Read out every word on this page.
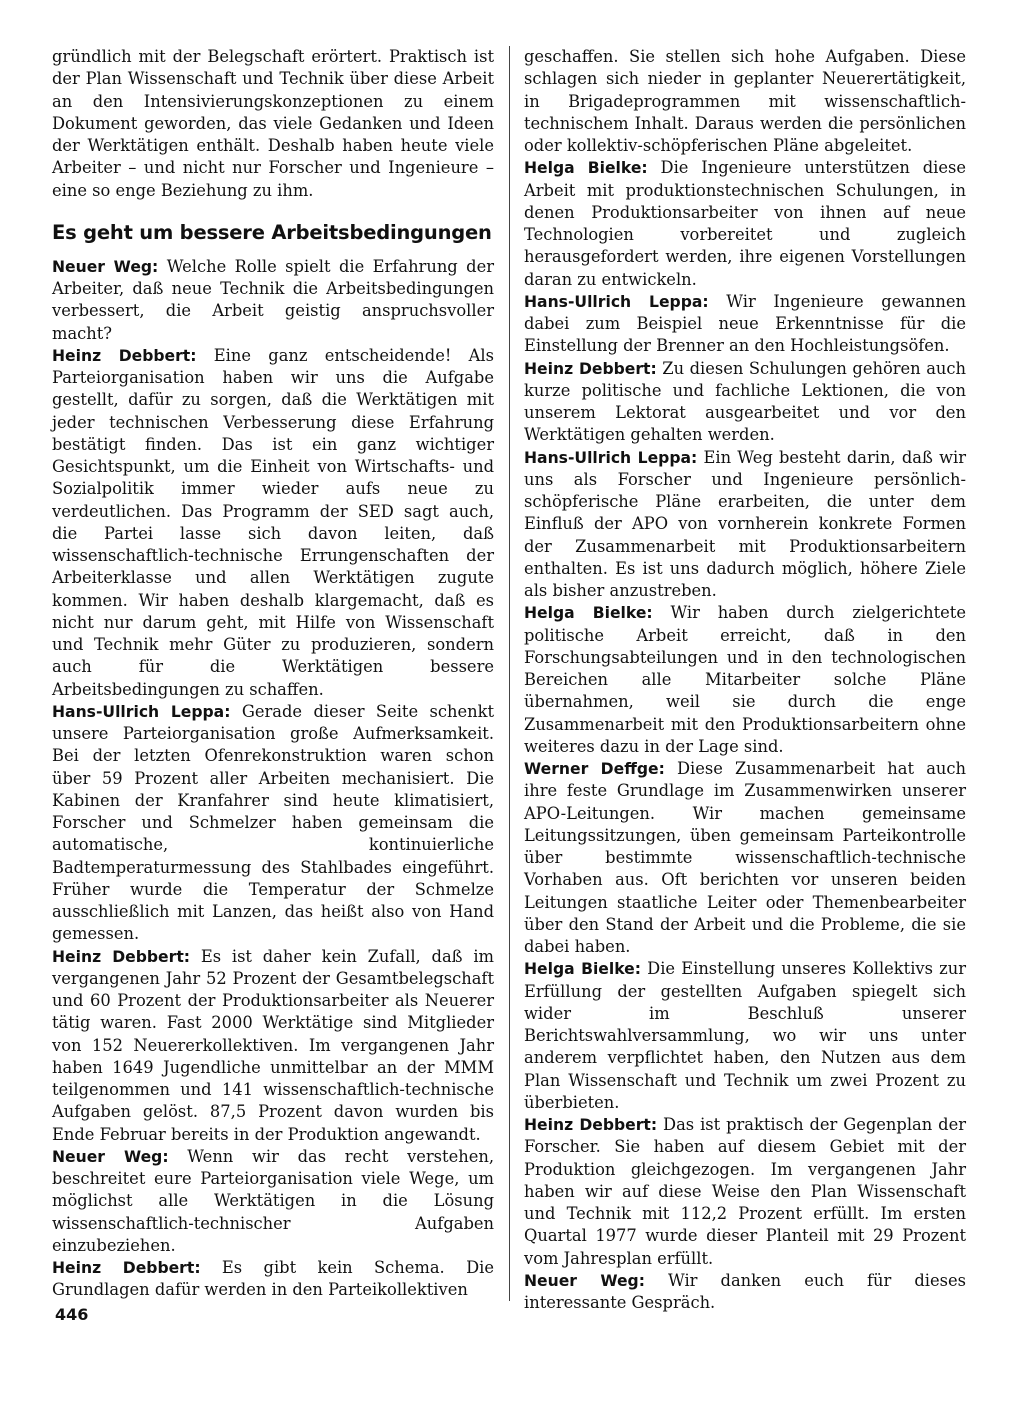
gründlich mit der Belegschaft erörtert. Praktisch ist der Plan Wissenschaft und Technik über diese Arbeit an den Intensivierungskonzeptionen zu einem Dokument geworden, das viele Gedanken und Ideen der Werktätigen enthält. Deshalb haben heute viele Arbeiter – und nicht nur Forscher und Ingenieure – eine so enge Beziehung zu ihm.

Es geht um bessere Arbeitsbedingungen

Neuer Weg: Welche Rolle spielt die Erfahrung der Arbeiter, daß neue Technik die Arbeitsbedingungen verbessert, die Arbeit geistig anspruchsvoller macht?

Heinz Debbert: Eine ganz entscheidende! Als Parteiorganisation haben wir uns die Aufgabe gestellt, dafür zu sorgen, daß die Werktätigen mit jeder technischen Verbesserung diese Erfahrung bestätigt finden. Das ist ein ganz wichtiger Gesichtspunkt, um die Einheit von Wirtschafts- und Sozialpolitik immer wieder aufs neue zu verdeutlichen. Das Programm der SED sagt auch, die Partei lasse sich davon leiten, daß wissenschaftlich-technische Errungenschaften der Arbeiterklasse und allen Werktätigen zugute kommen. Wir haben deshalb klargemacht, daß es nicht nur darum geht, mit Hilfe von Wissenschaft und Technik mehr Güter zu produzieren, sondern auch für die Werktätigen bessere Arbeitsbedingungen zu schaffen.

Hans-Ullrich Leppa: Gerade dieser Seite schenkt unsere Parteiorganisation große Aufmerksamkeit. Bei der letzten Ofenrekonstruktion waren schon über 59 Prozent aller Arbeiten mechanisiert. Die Kabinen der Kranfahrer sind heute klimatisiert, Forscher und Schmelzer haben gemeinsam die automatische, kontinuierliche Badtemperaturmessung des Stahlbades eingeführt. Früher wurde die Temperatur der Schmelze ausschließlich mit Lanzen, das heißt also von Hand gemessen.

Heinz Debbert: Es ist daher kein Zufall, daß im vergangenen Jahr 52 Prozent der Gesamtbelegschaft und 60 Prozent der Produktionsarbeiter als Neuerer tätig waren. Fast 2000 Werktätige sind Mitglieder von 152 Neuererkollektiven. Im vergangenen Jahr haben 1649 Jugendliche unmittelbar an der MMM teilgenommen und 141 wissenschaftlich-technische Aufgaben gelöst. 87,5 Prozent davon wurden bis Ende Februar bereits in der Produktion angewandt.

Neuer Weg: Wenn wir das recht verstehen, beschreitet eure Parteiorganisation viele Wege, um möglichst alle Werktätigen in die Lösung wissenschaftlich-technischer Aufgaben einzubeziehen.

Heinz Debbert: Es gibt kein Schema. Die Grundlagen dafür werden in den Parteikollektiven

geschaffen. Sie stellen sich hohe Aufgaben. Diese schlagen sich nieder in geplanter Neuerertätigkeit, in Brigadeprogrammen mit wissenschaftlich-technischem Inhalt. Daraus werden die persönlichen oder kollektiv-schöpferischen Pläne abgeleitet.

Helga Bielke: Die Ingenieure unterstützen diese Arbeit mit produktionstechnischen Schulungen, in denen Produktionsarbeiter von ihnen auf neue Technologien vorbereitet und zugleich herausgefordert werden, ihre eigenen Vorstellungen daran zu entwickeln.

Hans-Ullrich Leppa: Wir Ingenieure gewannen dabei zum Beispiel neue Erkenntnisse für die Einstellung der Brenner an den Hochleistungsöfen.

Heinz Debbert: Zu diesen Schulungen gehören auch kurze politische und fachliche Lektionen, die von unserem Lektorat ausgearbeitet und vor den Werktätigen gehalten werden.

Hans-Ullrich Leppa: Ein Weg besteht darin, daß wir uns als Forscher und Ingenieure persönlich-schöpferische Pläne erarbeiten, die unter dem Einfluß der APO von vornherein konkrete Formen der Zusammenarbeit mit Produktionsarbeitern enthalten. Es ist uns dadurch möglich, höhere Ziele als bisher anzustreben.

Helga Bielke: Wir haben durch zielgerichtete politische Arbeit erreicht, daß in den Forschungsabteilungen und in den technologischen Bereichen alle Mitarbeiter solche Pläne übernahmen, weil sie durch die enge Zusammenarbeit mit den Produktionsarbeitern ohne weiteres dazu in der Lage sind.

Werner Deffge: Diese Zusammenarbeit hat auch ihre feste Grundlage im Zusammenwirken unserer APO-Leitungen. Wir machen gemeinsame Leitungssitzungen, üben gemeinsam Parteikontrolle über bestimmte wissenschaftlich-technische Vorhaben aus. Oft berichten vor unseren beiden Leitungen staatliche Leiter oder Themenbearbeiter über den Stand der Arbeit und die Probleme, die sie dabei haben.

Helga Bielke: Die Einstellung unseres Kollektivs zur Erfüllung der gestellten Aufgaben spiegelt sich wider im Beschluß unserer Berichtswahlversammlung, wo wir uns unter anderem verpflichtet haben, den Nutzen aus dem Plan Wissenschaft und Technik um zwei Prozent zu überbieten.

Heinz Debbert: Das ist praktisch der Gegenplan der Forscher. Sie haben auf diesem Gebiet mit der Produktion gleichgezogen. Im vergangenen Jahr haben wir auf diese Weise den Plan Wissenschaft und Technik mit 112,2 Prozent erfüllt. Im ersten Quartal 1977 wurde dieser Planteil mit 29 Prozent vom Jahresplan erfüllt.

Neuer Weg: Wir danken euch für dieses interessante Gespräch.

446
